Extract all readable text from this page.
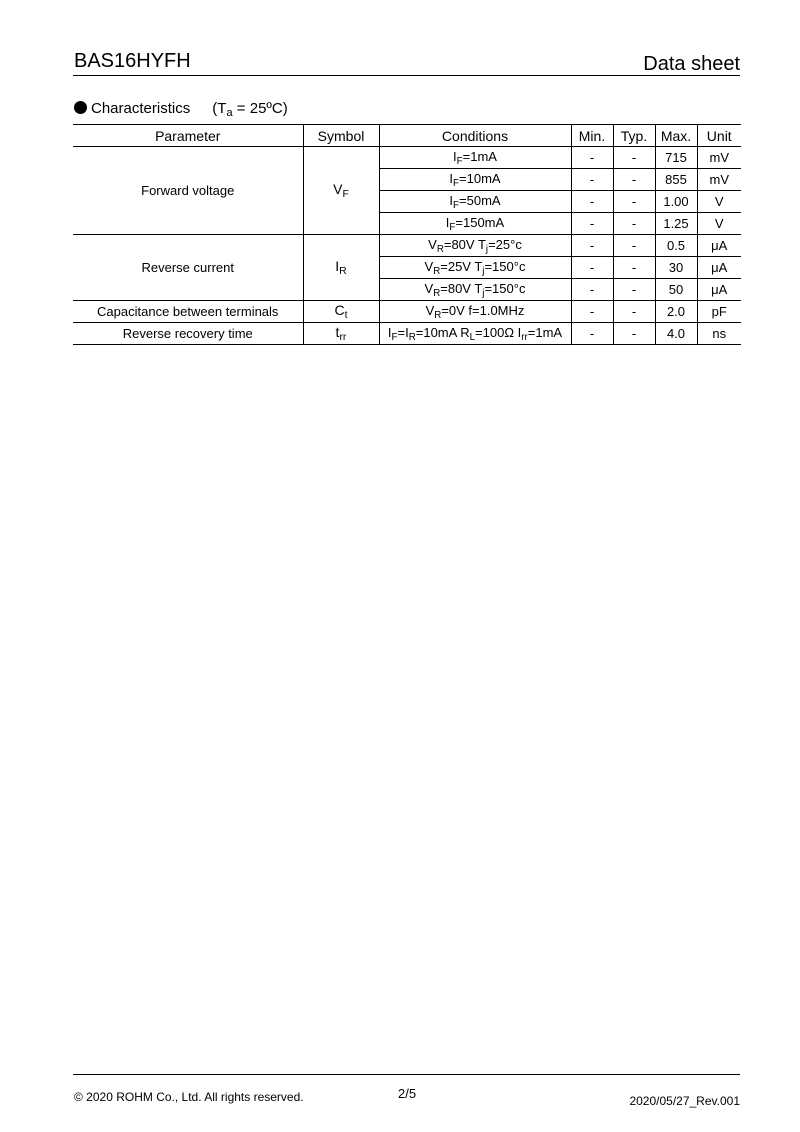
BAS16HYFH	Data sheet
Characteristics ($T_a$ = 25ºC)
Parameter	Symbol	Conditions	Min.	Typ.	Max.	Unit
Forward voltage	$V_F$	$I_F=1mA$	-	-	715	mV
		$I_F=10mA$	-	-	855	mV
		$I_F=50mA$	-	-	1.00	V
		$I_F=150mA$	-	-	1.25	V
Reverse current	$I_R$	$V_R=80V$ $T_j=25^\circ c$	-	-	0.5	μA
		$V_R=25V$ $T_j=150^\circ c$	-	-	30	μA
		$V_R=80V$ $T_j=150^\circ c$	-	-	50	μA
Capacitance between terminals	$C_t$	$V_R=0V$ f=1.0MHz	-	-	2.0	pF
Reverse recovery time	$t_{rr}$	$I_F=I_R=10mA$ $R_L=100\Omega$ $I_{rr}=1mA$	-	-	4.0	ns
© 2020 ROHM Co., Ltd. All rights reserved.	2/5	2020/05/27_Rev.001
